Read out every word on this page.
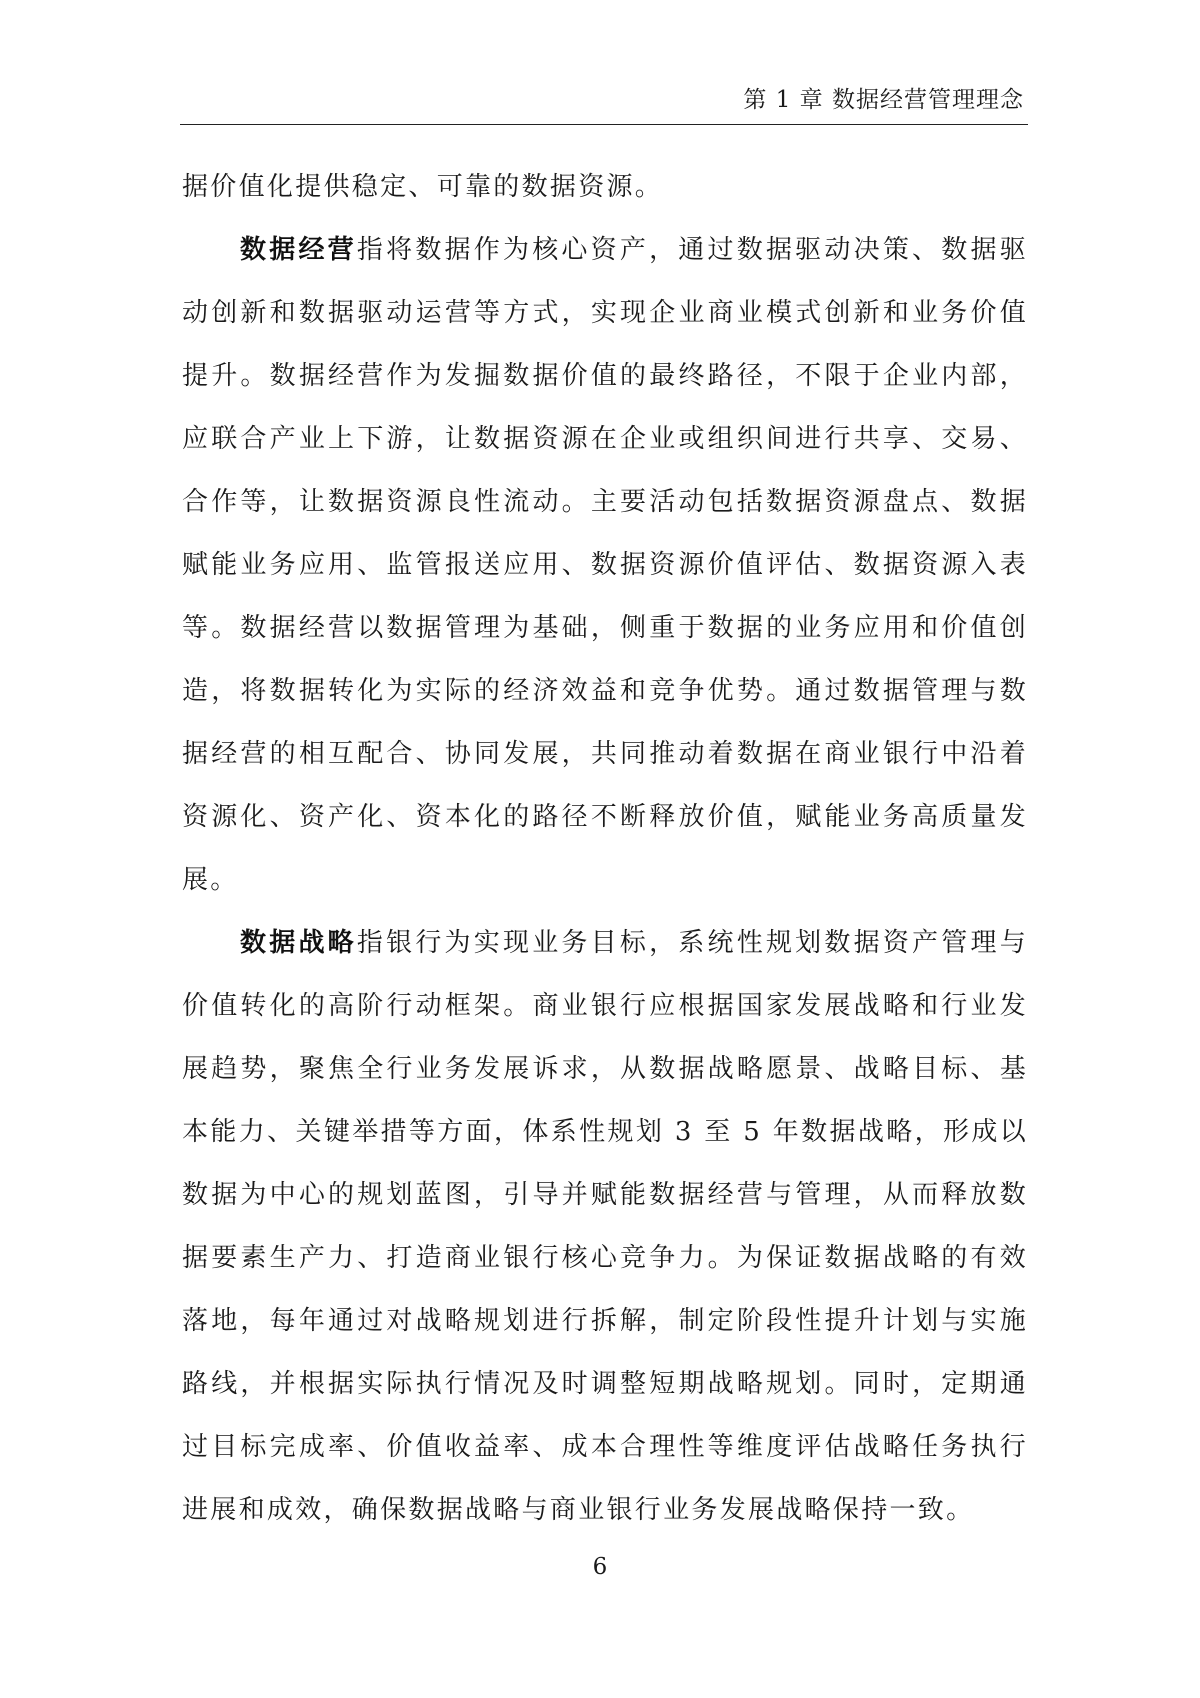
第 1 章 数据经营管理理念

据价值化提供稳定、可靠的数据资源。

数据经营指将数据作为核心资产，通过数据驱动决策、数据驱动创新和数据驱动运营等方式，实现企业商业模式创新和业务价值提升。数据经营作为发掘数据价值的最终路径，不限于企业内部，应联合产业上下游，让数据资源在企业或组织间进行共享、交易、合作等，让数据资源良性流动。主要活动包括数据资源盘点、数据赋能业务应用、监管报送应用、数据资源价值评估、数据资源入表等。数据经营以数据管理为基础，侧重于数据的业务应用和价值创造，将数据转化为实际的经济效益和竞争优势。通过数据管理与数据经营的相互配合、协同发展，共同推动着数据在商业银行中沿着资源化、资产化、资本化的路径不断释放价值，赋能业务高质量发展。

数据战略指银行为实现业务目标，系统性规划数据资产管理与价值转化的高阶行动框架。商业银行应根据国家发展战略和行业发展趋势，聚焦全行业务发展诉求，从数据战略愿景、战略目标、基本能力、关键举措等方面，体系性规划 3 至 5 年数据战略，形成以数据为中心的规划蓝图，引导并赋能数据经营与管理，从而释放数据要素生产力、打造商业银行核心竞争力。为保证数据战略的有效落地，每年通过对战略规划进行拆解，制定阶段性提升计划与实施路线，并根据实际执行情况及时调整短期战略规划。同时，定期通过目标完成率、价值收益率、成本合理性等维度评估战略任务执行进展和成效，确保数据战略与商业银行业务发展战略保持一致。

6
